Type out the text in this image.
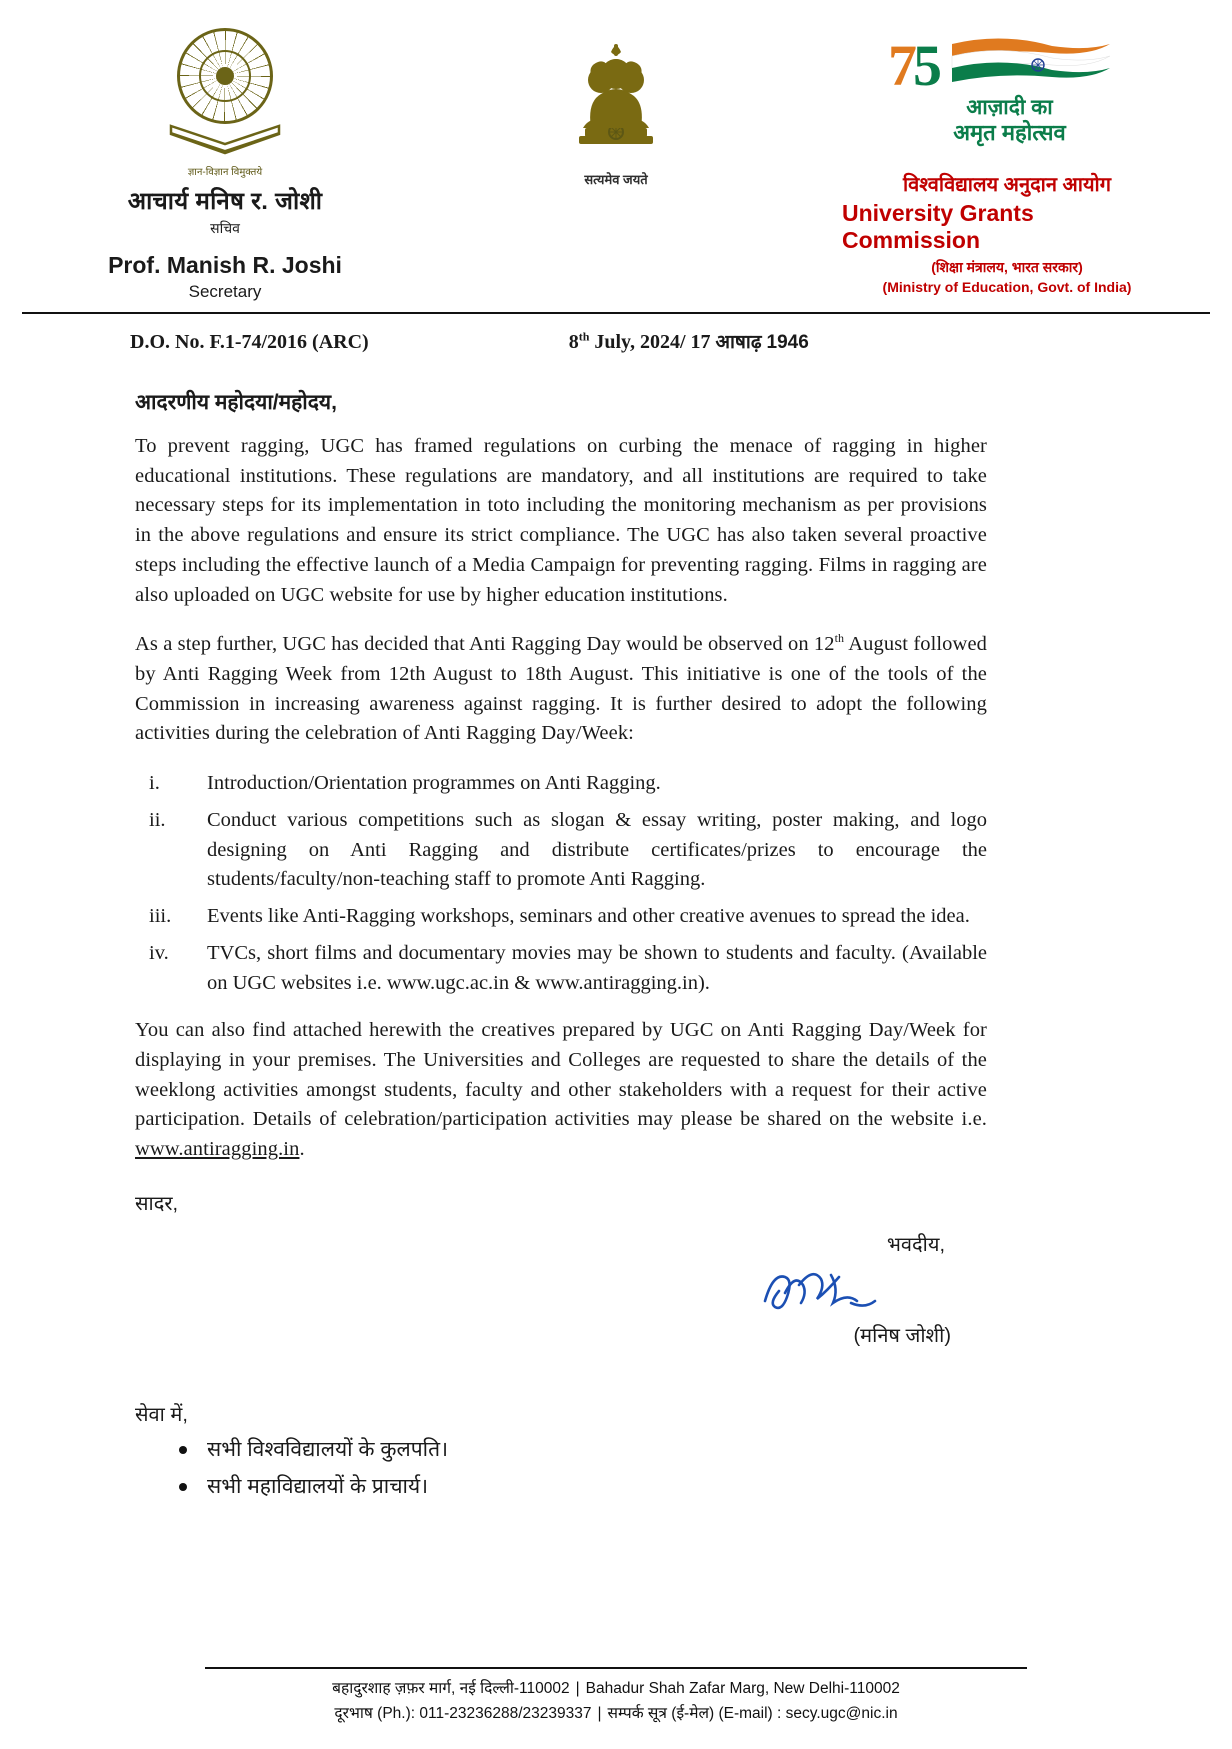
ज्ञान-विज्ञान विमुक्तये
आचार्य मनिष र. जोशी
सचिव
Prof. Manish R. Joshi
Secretary
सत्यमेव जयते
75
आज़ादी का
अमृत महोत्सव
विश्वविद्यालय अनुदान आयोग
University Grants Commission
(शिक्षा मंत्रालय, भारत सरकार)
(Ministry of Education, Govt. of India)
D.O. No. F.1-74/2016 (ARC)	8th July, 2024/ 17 आषाढ़ 1946
आदरणीय महोदया/महोदय,

To prevent ragging, UGC has framed regulations on curbing the menace of ragging in higher educational institutions. These regulations are mandatory, and all institutions are required to take necessary steps for its implementation in toto including the monitoring mechanism as per provisions in the above regulations and ensure its strict compliance. The UGC has also taken several proactive steps including the effective launch of a Media Campaign for preventing ragging. Films in ragging are also uploaded on UGC website for use by higher education institutions.

As a step further, UGC has decided that Anti Ragging Day would be observed on 12th August followed by Anti Ragging Week from 12th August to 18th August. This initiative is one of the tools of the Commission in increasing awareness against ragging. It is further desired to adopt the following activities during the celebration of Anti Ragging Day/Week:

i.	Introduction/Orientation programmes on Anti Ragging.
ii.	Conduct various competitions such as slogan & essay writing, poster making, and logo designing on Anti Ragging and distribute certificates/prizes to encourage the students/faculty/non-teaching staff to promote Anti Ragging.
iii.	Events like Anti-Ragging workshops, seminars and other creative avenues to spread the idea.
iv.	TVCs, short films and documentary movies may be shown to students and faculty. (Available on UGC websites i.e. www.ugc.ac.in & www.antiragging.in).

You can also find attached herewith the creatives prepared by UGC on Anti Ragging Day/Week for displaying in your premises. The Universities and Colleges are requested to share the details of the weeklong activities amongst students, faculty and other stakeholders with a request for their active participation. Details of celebration/participation activities may please be shared on the website i.e. www.antiragging.in.

सादर,
भवदीय,
(मनिष जोशी)
सेवा में,
सभी विश्वविद्यालयों के कुलपति।
सभी महाविद्यालयों के प्राचार्य।
बहादुरशाह ज़फ़र मार्ग, नई दिल्ली-110002 | Bahadur Shah Zafar Marg, New Delhi-110002
दूरभाष (Ph.): 011-23236288/23239337 | सम्पर्क सूत्र (ई-मेल) (E-mail) : secy.ugc@nic.in
